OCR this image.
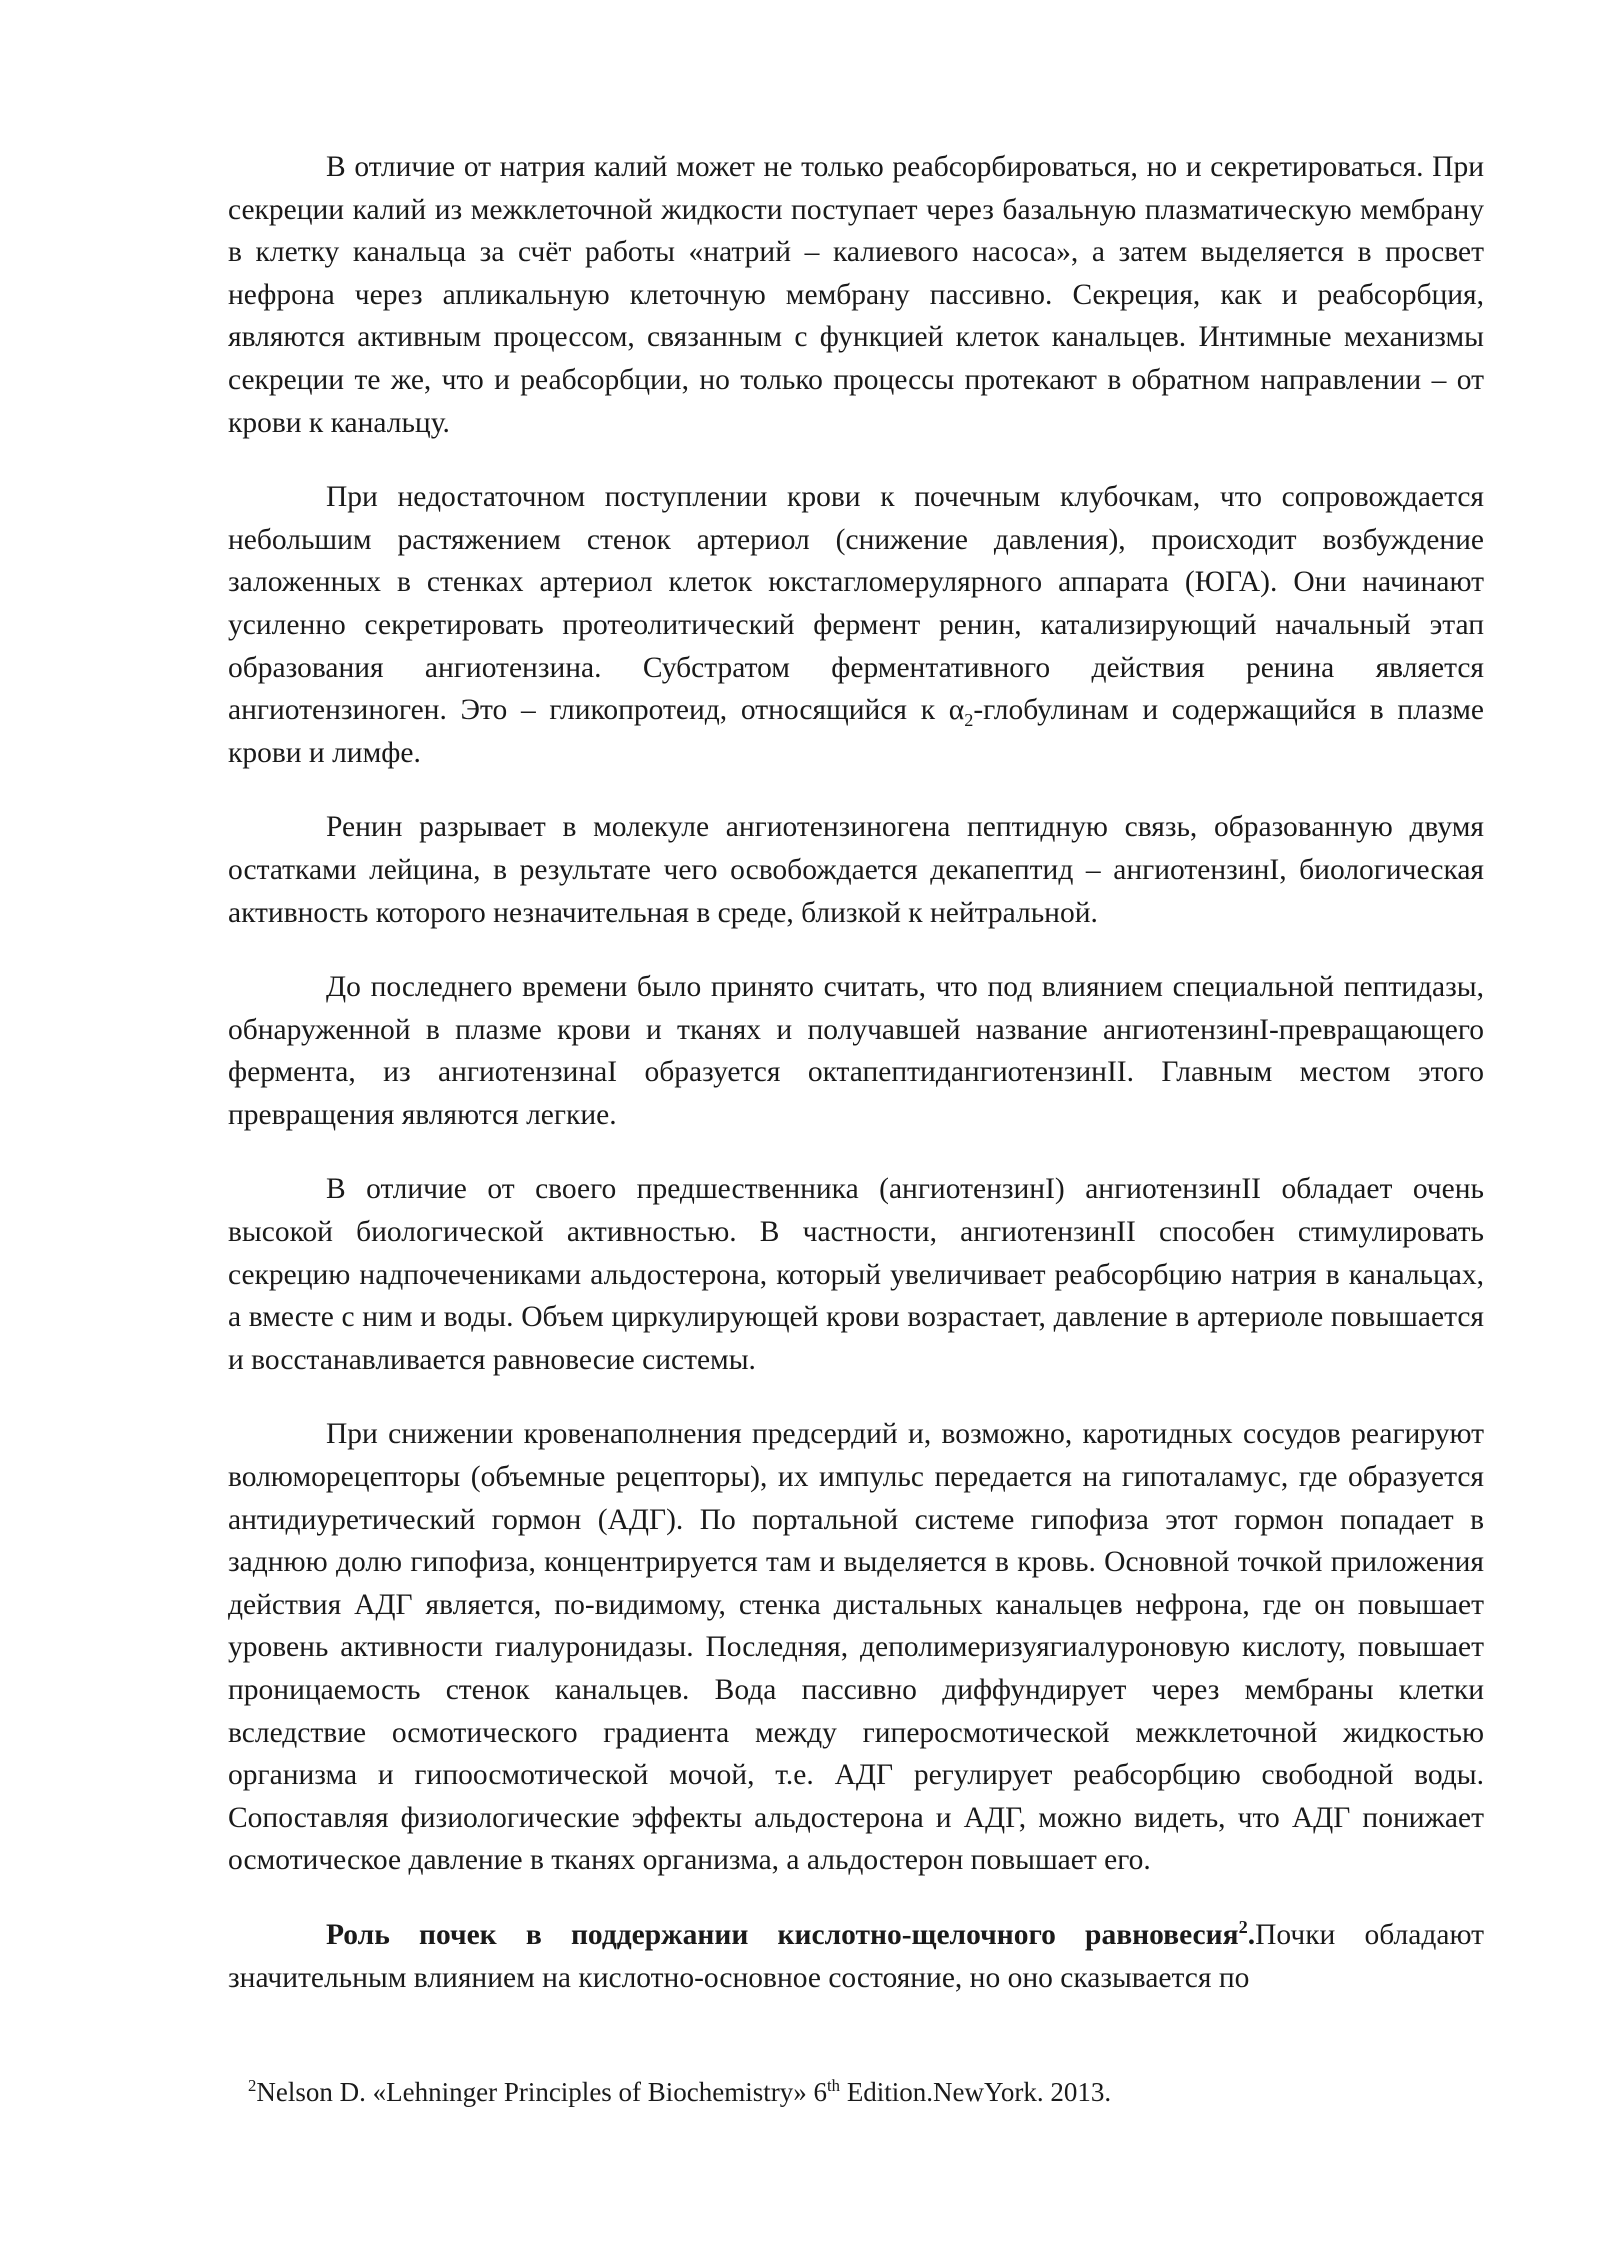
В отличие от натрия калий может не только реабсорбироваться, но и секретироваться. При секреции калий из межклеточной жидкости поступает через базальную плазматическую мембрану в клетку канальца за счёт работы «натрий – калиевого насоса», а затем выделяется в просвет нефрона через апликальную клеточную мембрану пассивно. Секреция, как и реабсорбция, являются активным процессом, связанным с функцией клеток канальцев. Интимные механизмы секреции те же, что и реабсорбции, но только процессы протекают в обратном направлении – от крови к канальцу.

При недостаточном поступлении крови к почечным клубочкам, что сопровождается небольшим растяжением стенок артериол (снижение давления), происходит возбуждение заложенных в стенках артериол клеток юкстагломерулярного аппарата (ЮГА). Они начинают усиленно секретировать протеолитический фермент ренин, катализирующий начальный этап образования ангиотензина. Субстратом ферментативного действия ренина является ангиотензиноген. Это – гликопротеид, относящийся к $\alpha_2$-глобулинам и содержащийся в плазме крови и лимфе.

Ренин разрывает в молекуле ангиотензиногена пептидную связь, образованную двумя остатками лейцина, в результате чего освобождается декапептид – ангиотензинI, биологическая активность которого незначительная в среде, близкой к нейтральной.

До последнего времени было принято считать, что под влиянием специальной пептидазы, обнаруженной в плазме крови и тканях и получавшей название ангиотензинI-превращающего фермента, из ангиотензинаI образуется октапептидангиотензинII. Главным местом этого превращения являются легкие.

В отличие от своего предшественника (ангиотензинI) ангиотензинII обладает очень высокой биологической активностью. В частности, ангиотензинII способен стимулировать секрецию надпочечениками альдостерона, который увеличивает реабсорбцию натрия в канальцах, а вместе с ним и воды. Объем циркулирующей крови возрастает, давление в артериоле повышается и восстанавливается равновесие системы.

При снижении кровенаполнения предсердий и, возможно, каротидных сосудов реагируют волюморецепторы (объемные рецепторы), их импульс передается на гипоталамус, где образуется антидиуретический гормон (АДГ). По портальной системе гипофиза этот гормон попадает в заднюю долю гипофиза, концентрируется там и выделяется в кровь. Основной точкой приложения действия АДГ является, по-видимому, стенка дистальных канальцев нефрона, где он повышает уровень активности гиалуронидазы. Последняя, деполимеризуягиалуроновую кислоту, повышает проницаемость стенок канальцев. Вода пассивно диффундирует через мембраны клетки вследствие осмотического градиента между гиперосмотической межклеточной жидкостью организма и гипоосмотической мочой, т.е. АДГ регулирует реабсорбцию свободной воды. Сопоставляя физиологические эффекты альдостерона и АДГ, можно видеть, что АДГ понижает осмотическое давление в тканях организма, а альдостерон повышает его.

Роль почек в поддержании кислотно-щелочного равновесия$^2$.Почки обладают значительным влиянием на кислотно-основное состояние, но оно сказывается по

$^2$Nelson D. «Lehninger Principles of Biochemistry» 6th Edition.NewYork. 2013.
